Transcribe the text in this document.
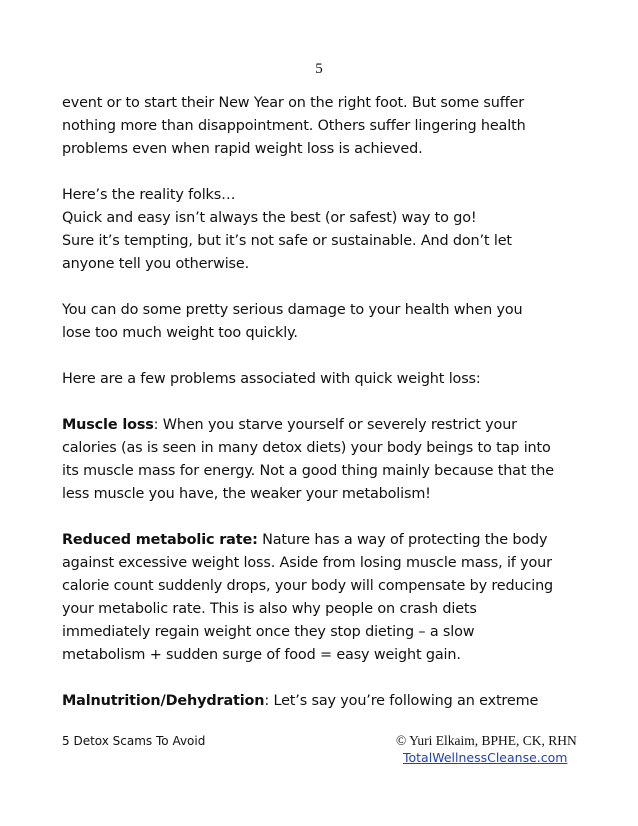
5

event or to start their New Year on the right foot. But some suffer
nothing more than disappointment. Others suffer lingering health
problems even when rapid weight loss is achieved.

Here’s the reality folks…
Quick and easy isn’t always the best (or safest) way to go!
Sure it’s tempting, but it’s not safe or sustainable. And don’t let
anyone tell you otherwise.

You can do some pretty serious damage to your health when you
lose too much weight too quickly.

Here are a few problems associated with quick weight loss:

Muscle loss: When you starve yourself or severely restrict your
calories (as is seen in many detox diets) your body beings to tap into
its muscle mass for energy. Not a good thing mainly because that the
less muscle you have, the weaker your metabolism!

Reduced metabolic rate: Nature has a way of protecting the body
against excessive weight loss. Aside from losing muscle mass, if your
calorie count suddenly drops, your body will compensate by reducing
your metabolic rate. This is also why people on crash diets
immediately regain weight once they stop dieting – a slow
metabolism + sudden surge of food = easy weight gain.

Malnutrition/Dehydration: Let’s say you’re following an extreme

5 Detox Scams To Avoid	© Yuri Elkaim, BPHE, CK, RHN
TotalWellnessCleanse.com
